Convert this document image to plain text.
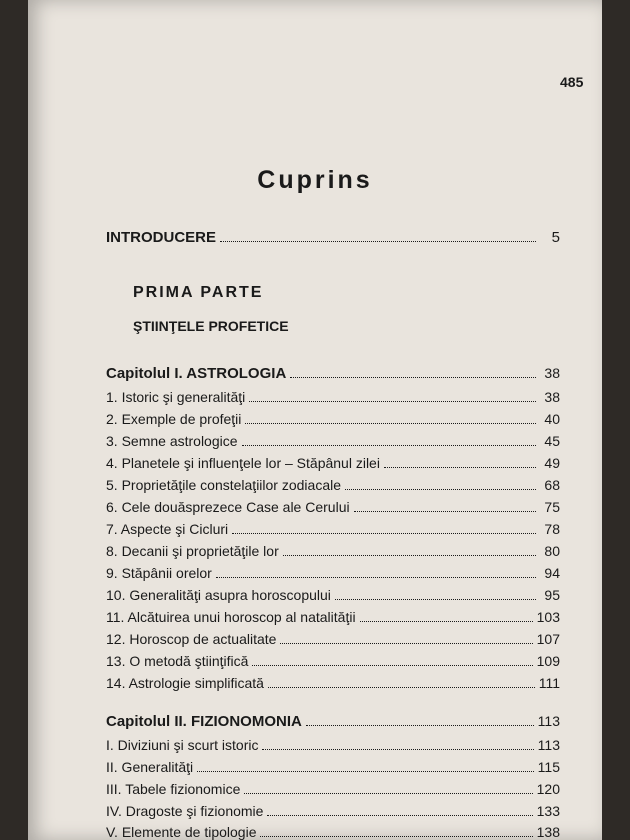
485
Cuprins
INTRODUCERE	5
PRIMA PARTE
ŞTIINŢELE PROFETICE
Capitolul I. ASTROLOGIA	38
1. Istoric şi generalităţi	38
2. Exemple de profeţii	40
3. Semne astrologice	45
4. Planetele şi influenţele lor – Stăpânul zilei	49
5. Proprietăţile constelaţiilor zodiacale	68
6. Cele douăsprezece Case ale Cerului	75
7. Aspecte şi Cicluri	78
8. Decanii şi proprietăţile lor	80
9. Stăpânii orelor	94
10. Generalităţi asupra horoscopului	95
11. Alcătuirea unui horoscop al natalităţii	103
12. Horoscop de actualitate	107
13. O metodă ştiinţifică	109
14. Astrologie simplificată	111
Capitolul II. FIZIONOMONIA	113
I. Diviziuni şi scurt istoric	113
II. Generalităţi	115
III. Tabele fizionomice	120
IV. Dragoste şi fizionomie	133
V. Elemente de tipologie	138
